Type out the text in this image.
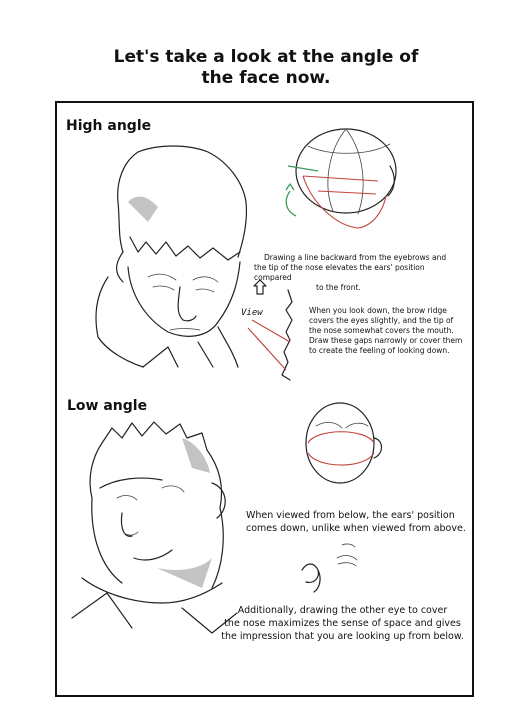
Let's take a look at the angle of
the face now.
High angle
Drawing a line backward from the eyebrows and
the tip of the nose elevates the ears' position compared
to the front.
View	When you look down, the brow ridge
covers the eyes slightly, and the tip of
the nose somewhat covers the mouth.
Draw these gaps narrowly or cover them
to create the feeling of looking down.
Low angle
When viewed from below, the ears' position
comes down, unlike when viewed from above.
Additionally, drawing the other eye to cover
the nose maximizes the sense of space and gives
the impression that you are looking up from below.
